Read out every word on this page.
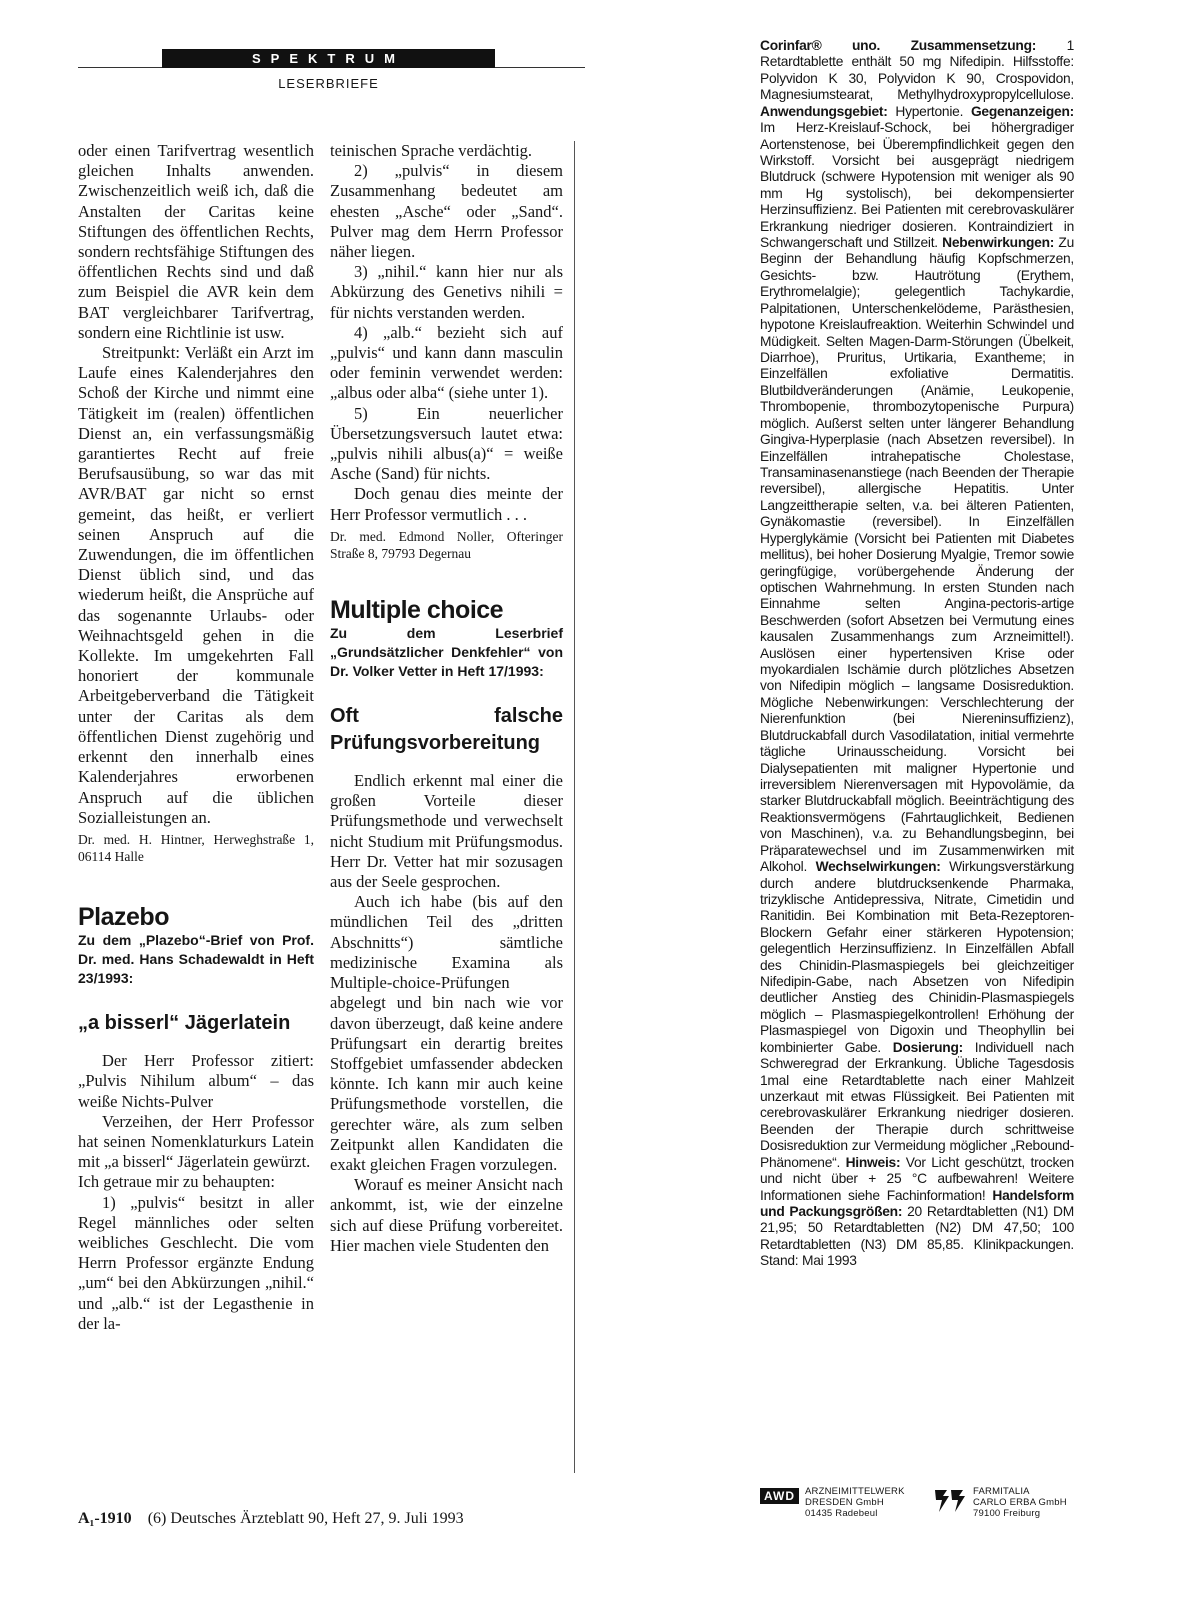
SPEKTRUM
LESERBRIEFE

oder einen Tarifvertrag wesentlich gleichen Inhalts anwenden. Zwischenzeitlich weiß ich, daß die Anstalten der Caritas keine Stiftungen des öffentlichen Rechts, sondern rechtsfähige Stiftungen des öffentlichen Rechts sind und daß zum Beispiel die AVR kein dem BAT vergleichbarer Tarifvertrag, sondern eine Richtlinie ist usw.

Streitpunkt: Verläßt ein Arzt im Laufe eines Kalenderjahres den Schoß der Kirche und nimmt eine Tätigkeit im (realen) öffentlichen Dienst an, ein verfassungsmäßig garantiertes Recht auf freie Berufsausübung, so war das mit AVR/BAT gar nicht so ernst gemeint, das heißt, er verliert seinen Anspruch auf die Zuwendungen, die im öffentlichen Dienst üblich sind, und das wiederum heißt, die Ansprüche auf das sogenannte Urlaubs- oder Weihnachtsgeld gehen in die Kollekte. Im umgekehrten Fall honoriert der kommunale Arbeitgeberverband die Tätigkeit unter der Caritas als dem öffentlichen Dienst zugehörig und erkennt den innerhalb eines Kalenderjahres erworbenen Anspruch auf die üblichen Sozialleistungen an.

Dr. med. H. Hintner, Herweghstraße 1, 06114 Halle

Plazebo
Zu dem „Plazebo“-Brief von Prof. Dr. med. Hans Schadewaldt in Heft 23/1993:
„a bisserl“ Jägerlatein

Der Herr Professor zitiert: „Pulvis Nihilum album“ – das weiße Nichts-Pulver

Verzeihen, der Herr Professor hat seinen Nomenklaturkurs Latein mit „a bisserl“ Jägerlatein gewürzt.

Ich getraue mir zu behaupten:

1) „pulvis“ besitzt in aller Regel männliches oder selten weibliches Geschlecht. Die vom Herrn Professor ergänzte Endung „um“ bei den Abkürzungen „nihil.“ und „alb.“ ist der Legasthenie in der la-

teinischen Sprache verdächtig.

2) „pulvis“ in diesem Zusammenhang bedeutet am ehesten „Asche“ oder „Sand“. Pulver mag dem Herrn Professor näher liegen.

3) „nihil.“ kann hier nur als Abkürzung des Genetivs nihili = für nichts verstanden werden.

4) „alb.“ bezieht sich auf „pulvis“ und kann dann masculin oder feminin verwendet werden: „albus oder alba“ (siehe unter 1).

5) Ein neuerlicher Übersetzungsversuch lautet etwa: „pulvis nihili albus(a)“ = weiße Asche (Sand) für nichts.

Doch genau dies meinte der Herr Professor vermutlich . . .

Dr. med. Edmond Noller, Ofteringer Straße 8, 79793 Degernau

Multiple choice
Zu dem Leserbrief „Grundsätzlicher Denkfehler“ von Dr. Volker Vetter in Heft 17/1993:
Oft falsche Prüfungsvorbereitung

Endlich erkennt mal einer die großen Vorteile dieser Prüfungsmethode und verwechselt nicht Studium mit Prüfungsmodus. Herr Dr. Vetter hat mir sozusagen aus der Seele gesprochen.

Auch ich habe (bis auf den mündlichen Teil des „dritten Abschnitts“) sämtliche medizinische Examina als Multiple-choice-Prüfungen abgelegt und bin nach wie vor davon überzeugt, daß keine andere Prüfungsart ein derartig breites Stoffgebiet umfassender abdecken könnte. Ich kann mir auch keine Prüfungsmethode vorstellen, die gerechter wäre, als zum selben Zeitpunkt allen Kandidaten die exakt gleichen Fragen vorzulegen.

Worauf es meiner Ansicht nach ankommt, ist, wie der einzelne sich auf diese Prüfung vorbereitet. Hier machen viele Studenten den

Corinfar® uno. Zusammensetzung: 1 Retardtablette enthält 50 mg Nifedipin. Hilfsstoffe: Polyvidon K 30, Polyvidon K 90, Crospovidon, Magnesiumstearat, Methylhydroxypropylcellulose. Anwendungsgebiet: Hypertonie. Gegenanzeigen: Im Herz-Kreislauf-Schock, bei höhergradiger Aortenstenose, bei Überempfindlichkeit gegen den Wirkstoff. Vorsicht bei ausgeprägt niedrigem Blutdruck (schwere Hypotension mit weniger als 90 mm Hg systolisch), bei dekompensierter Herzinsuffizienz. Bei Patienten mit cerebrovaskulärer Erkrankung niedriger dosieren. Kontraindiziert in Schwangerschaft und Stillzeit. Nebenwirkungen: Zu Beginn der Behandlung häufig Kopfschmerzen, Gesichts- bzw. Hautrötung (Erythem, Erythromelalgie); gelegentlich Tachykardie, Palpitationen, Unterschenkelödeme, Parästhesien, hypotone Kreislaufreaktion. Weiterhin Schwindel und Müdigkeit. Selten Magen-Darm-Störungen (Übelkeit, Diarrhoe), Pruritus, Urtikaria, Exantheme; in Einzelfällen exfoliative Dermatitis. Blutbildveränderungen (Anämie, Leukopenie, Thrombopenie, thrombozytopenische Purpura) möglich. Außerst selten unter längerer Behandlung Gingiva-Hyperplasie (nach Absetzen reversibel). In Einzelfällen intrahepatische Cholestase, Transaminasenanstiege (nach Beenden der Therapie reversibel), allergische Hepatitis. Unter Langzeittherapie selten, v.a. bei älteren Patienten, Gynäkomastie (reversibel). In Einzelfällen Hyperglykämie (Vorsicht bei Patienten mit Diabetes mellitus), bei hoher Dosierung Myalgie, Tremor sowie geringfügige, vorübergehende Änderung der optischen Wahrnehmung. In ersten Stunden nach Einnahme selten Angina-pectoris-artige Beschwerden (sofort Absetzen bei Vermutung eines kausalen Zusammenhangs zum Arzneimittel!). Auslösen einer hypertensiven Krise oder myokardialen Ischämie durch plötzliches Absetzen von Nifedipin möglich – langsame Dosisreduktion. Mögliche Nebenwirkungen: Verschlechterung der Nierenfunktion (bei Niereninsuffizienz), Blutdruckabfall durch Vasodilatation, initial vermehrte tägliche Urinausscheidung. Vorsicht bei Dialysepatienten mit maligner Hypertonie und irreversiblem Nierenversagen mit Hypovolämie, da starker Blutdruckabfall möglich. Beeinträchtigung des Reaktionsvermögens (Fahrtauglichkeit, Bedienen von Maschinen), v.a. zu Behandlungsbeginn, bei Präparatewechsel und im Zusammenwirken mit Alkohol. Wechselwirkungen: Wirkungsverstärkung durch andere blutdrucksenkende Pharmaka, trizyklische Antidepressiva, Nitrate, Cimetidin und Ranitidin. Bei Kombination mit Beta-Rezeptoren-Blockern Gefahr einer stärkeren Hypotension; gelegentlich Herzinsuffizienz. In Einzelfällen Abfall des Chinidin-Plasmaspiegels bei gleichzeitiger Nifedipin-Gabe, nach Absetzen von Nifedipin deutlicher Anstieg des Chinidin-Plasmaspiegels möglich – Plasmaspiegelkontrollen! Erhöhung der Plasmaspiegel von Digoxin und Theophyllin bei kombinierter Gabe. Dosierung: Individuell nach Schweregrad der Erkrankung. Übliche Tagesdosis 1mal eine Retardtablette nach einer Mahlzeit unzerkaut mit etwas Flüssigkeit. Bei Patienten mit cerebrovaskulärer Erkrankung niedriger dosieren. Beenden der Therapie durch schrittweise Dosisreduktion zur Vermeidung möglicher „Rebound-Phänomene“. Hinweis: Vor Licht geschützt, trocken und nicht über + 25 °C aufbewahren! Weitere Informationen siehe Fachinformation! Handelsform und Packungsgrößen: 20 Retardtabletten (N1) DM 21,95; 50 Retardtabletten (N2) DM 47,50; 100 Retardtabletten (N3) DM 85,85. Klinikpackungen. Stand: Mai 1993
AWD	ARZNEIMITTELWERK
DRESDEN GmbH
01435 Radebeul
FARMITALIA
CARLO ERBA GmbH
79100 Freiburg
A₁-1910 (6) Deutsches Ärzteblatt 90, Heft 27, 9. Juli 1993
